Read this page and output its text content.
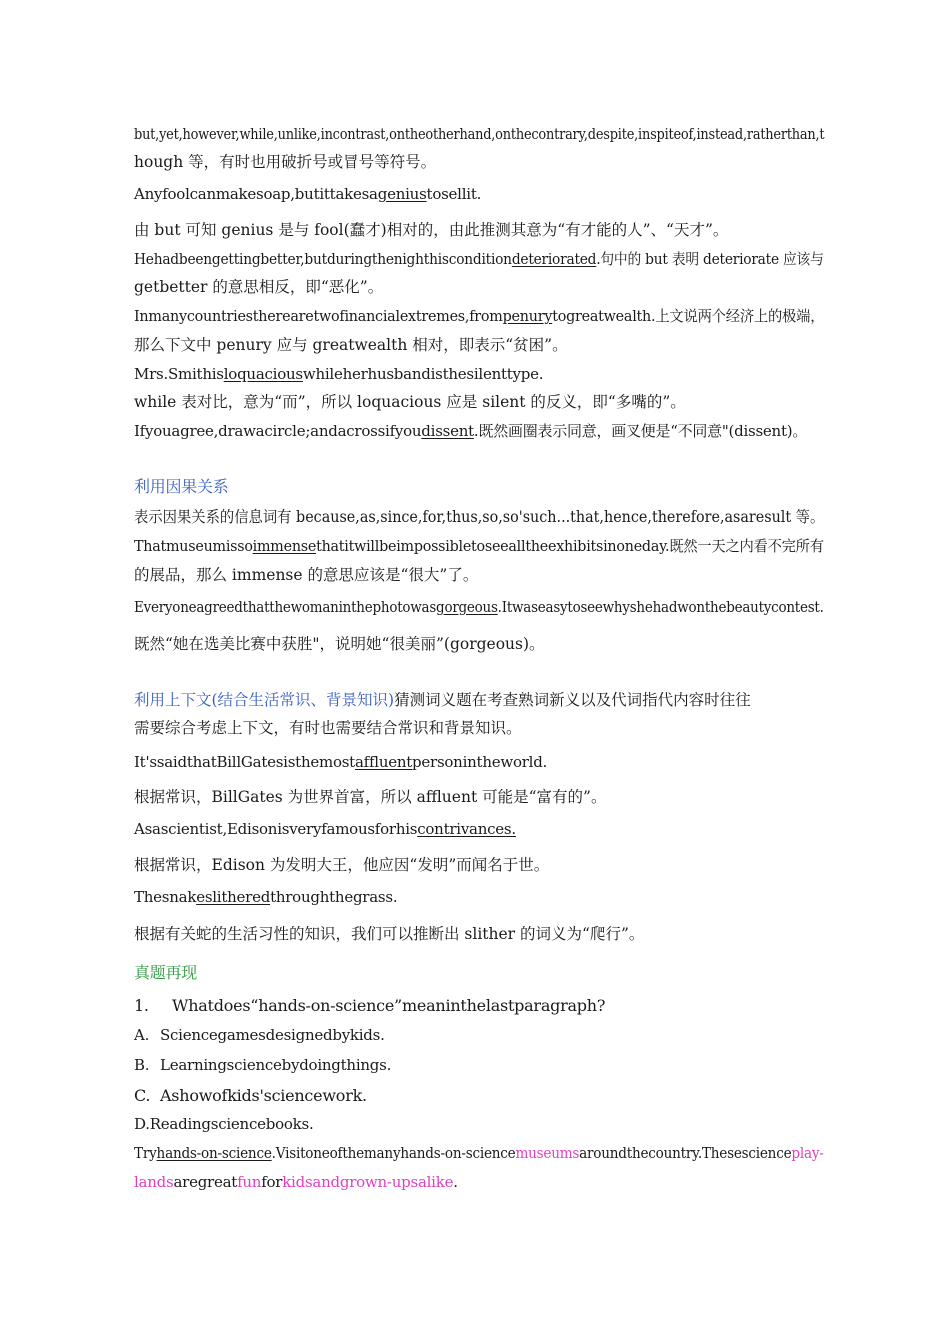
but,yet,however,while,unlike,incontrast,ontheotherhand,onthecontrary,despite,inspiteof,instead,ratherthan,t
hough 等，有时也用破折号或冒号等符号。
Anyfoolcanmakesoap,butittakesageniustosellit.
由 but 可知 genius 是与 fool(蠢才)相对的，由此推测其意为“有才能的人”、“天才”。
Hehadbeengettingbetter,butduringthenighthisconditiondeteriorated.句中的 but 表明 deteriorate 应该与
getbetter 的意思相反，即“恶化”。
Inmanycountriestherearetwofinancialextremes,frompenurytogreatwealth.上文说两个经济上的极端，
那么下文中 penury 应与 greatwealth 相对，即表示“贫困”。
Mrs.Smithisloquaciouswhileherhusbandisthesilenttype.
while 表对比，意为“而”，所以 loquacious 应是 silent 的反义，即“多嘴的”。
Ifyouagree,drawacircle;andacrossifyoudissent.既然画圈表示同意，画叉便是“不同意"(dissent)。
利用因果关系
表示因果关系的信息词有 because,as,since,for,thus,so,so'such...that,hence,therefore,asaresult 等。
Thatmuseumissoimmensethatitwillbeimpossibletoseealltheexhibitsinoneday.既然一天之内看不完所有
的展品，那么 immense 的意思应该是“很大”了。
Everyoneagreedthatthewomaninthephotowasgorgeous.Itwaseasytoseewhyshehadwonthebeautycontest.
既然“她在选美比赛中获胜"，说明她“很美丽”(gorgeous)。
利用上下文(结合生活常识、背景知识)猜测词义题在考查熟词新义以及代词指代内容时往往
需要综合考虑上下文，有时也需要结合常识和背景知识。
It'ssaidthatBillGatesisthemostaffluentpersonintheworld.
根据常识，BillGates 为世界首富，所以 affluent 可能是“富有的”。
Asascientist,Edisonisveryfamousforhiscontrivances.
根据常识，Edison 为发明大王，他应因“发明”而闻名于世。
Thesnakeslitheredthroughthegrass.
根据有关蛇的生活习性的知识，我们可以推断出 slither 的词义为“爬行”。
真题再现
1. Whatdoes“hands-on-science”meaninthelastparagraph?
A. Sciencegamesdesignedbykids.
B. Learningsciencebydoingthings.
C. Ashowofkids'sciencework.
D.Readingsciencebooks.
Tryhands-on-science.Visitoneofthemanyhands-on-sciencemuseumsaroundthecountry.Thesescienceplay-
landsaregreatfunforkidsandgrown-upsalike.
